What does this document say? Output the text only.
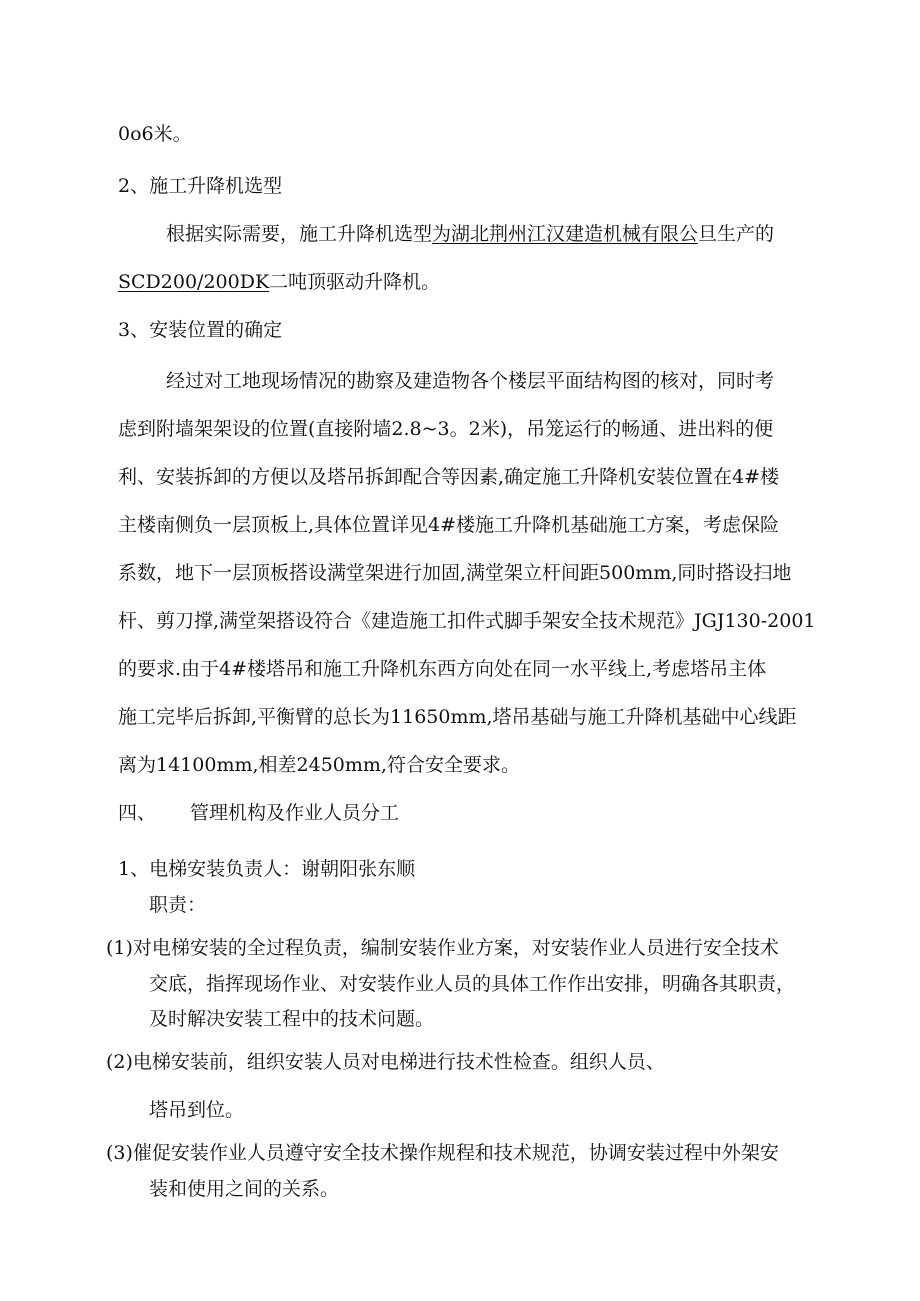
0o6米。
2、施工升降机选型
根据实际需要，施工升降机选型为湖北荆州江汉建造机械有限公旦生产的
SCD200/200DK二吨顶驱动升降机。
3、安装位置的确定
经过对工地现场情况的勘察及建造物各个楼层平面结构图的核对，同时考
虑到附墙架架设的位置(直接附墙2.8~3。2米)，吊笼运行的畅通、进出料的便
利、安装拆卸的方便以及塔吊拆卸配合等因素,确定施工升降机安装位置在4#楼
主楼南侧负一层顶板上,具体位置详见4#楼施工升降机基础施工方案，考虑保险
系数，地下一层顶板搭设满堂架进行加固,满堂架立杆间距500mm,同时搭设扫地
杆、剪刀撑,满堂架搭设符合《建造施工扣件式脚手架安全技术规范》JGJ130-2001
的要求.由于4#楼塔吊和施工升降机东西方向处在同一水平线上,考虑塔吊主体
施工完毕后拆卸,平衡臂的总长为11650mm,塔吊基础与施工升降机基础中心线距
离为14100mm,相差2450mm,符合安全要求。
四、 管理机构及作业人员分工
1、电梯安装负责人：谢朝阳张东顺
职责：
(1)对电梯安装的全过程负责，编制安装作业方案，对安装作业人员进行安全技术
交底，指挥现场作业、对安装作业人员的具体工作作出安排，明确各其职责，
及时解决安装工程中的技术问题。
(2)电梯安装前，组织安装人员对电梯进行技术性检查。组织人员、
塔吊到位。
(3)催促安装作业人员遵守安全技术操作规程和技术规范，协调安装过程中外架安
装和使用之间的关系。
